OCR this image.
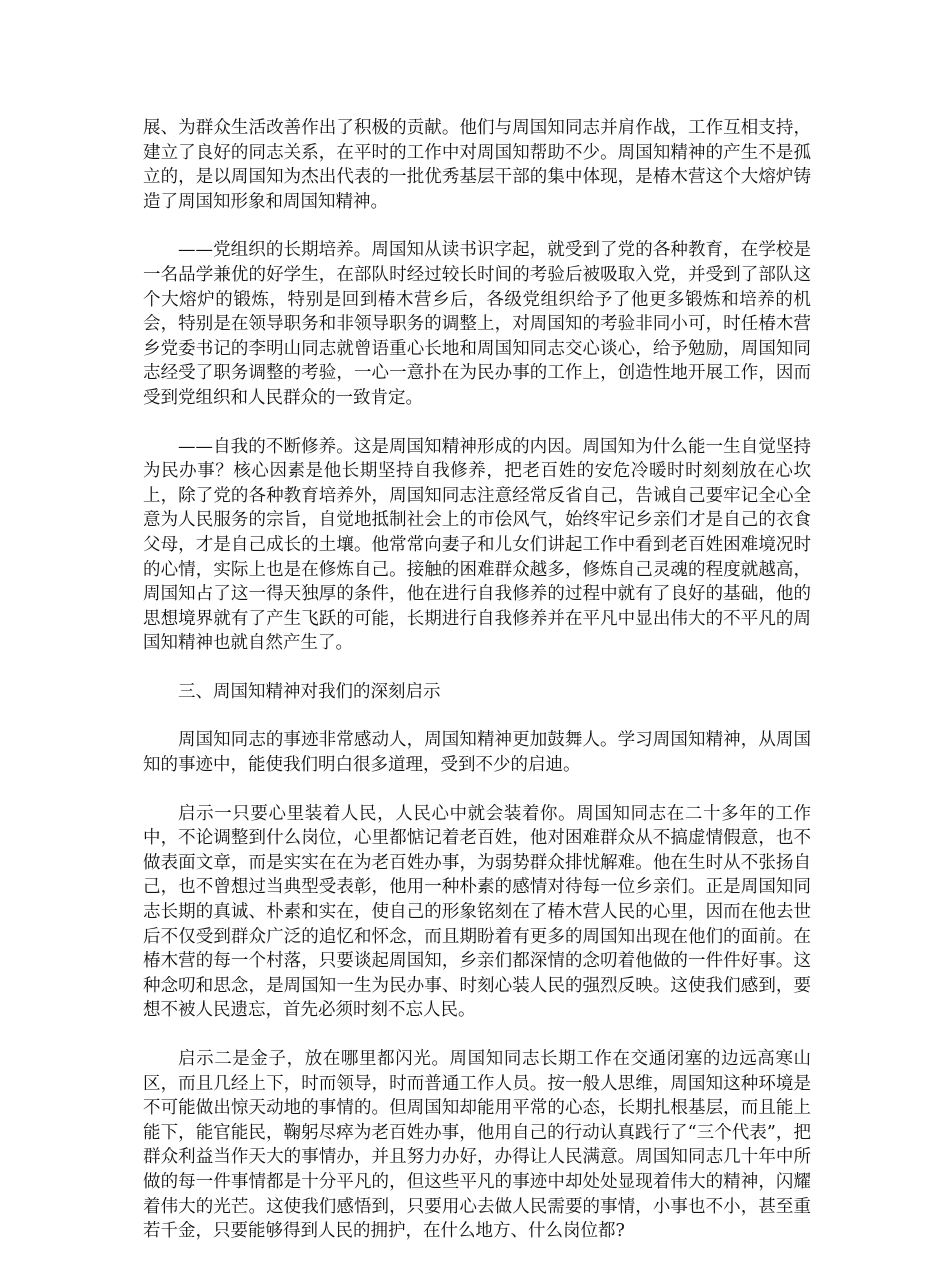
展、为群众生活改善作出了积极的贡献。他们与周国知同志并肩作战，工作互相支持，建立了良好的同志关系，在平时的工作中对周国知帮助不少。周国知精神的产生不是孤立的，是以周国知为杰出代表的一批优秀基层干部的集中体现，是椿木营这个大熔炉铸造了周国知形象和周国知精神。

——党组织的长期培养。周国知从读书识字起，就受到了党的各种教育，在学校是一名品学兼优的好学生，在部队时经过较长时间的考验后被吸取入党，并受到了部队这个大熔炉的锻炼，特别是回到椿木营乡后，各级党组织给予了他更多锻炼和培养的机会，特别是在领导职务和非领导职务的调整上，对周国知的考验非同小可，时任椿木营乡党委书记的李明山同志就曾语重心长地和周国知同志交心谈心，给予勉励，周国知同志经受了职务调整的考验，一心一意扑在为民办事的工作上，创造性地开展工作，因而受到党组织和人民群众的一致肯定。

——自我的不断修养。这是周国知精神形成的内因。周国知为什么能一生自觉坚持为民办事？核心因素是他长期坚持自我修养，把老百姓的安危冷暖时时刻刻放在心坎上，除了党的各种教育培养外，周国知同志注意经常反省自己，告诫自己要牢记全心全意为人民服务的宗旨，自觉地抵制社会上的市侩风气，始终牢记乡亲们才是自己的衣食父母，才是自己成长的土壤。他常常向妻子和儿女们讲起工作中看到老百姓困难境况时的心情，实际上也是在修炼自己。接触的困难群众越多，修炼自己灵魂的程度就越高，周国知占了这一得天独厚的条件，他在进行自我修养的过程中就有了良好的基础，他的思想境界就有了产生飞跃的可能，长期进行自我修养并在平凡中显出伟大的不平凡的周国知精神也就自然产生了。

三、周国知精神对我们的深刻启示

周国知同志的事迹非常感动人，周国知精神更加鼓舞人。学习周国知精神，从周国知的事迹中，能使我们明白很多道理，受到不少的启迪。

启示一只要心里装着人民，人民心中就会装着你。周国知同志在二十多年的工作中，不论调整到什么岗位，心里都惦记着老百姓，他对困难群众从不搞虚情假意，也不做表面文章，而是实实在在为老百姓办事，为弱势群众排忧解难。他在生时从不张扬自己，也不曾想过当典型受表彰，他用一种朴素的感情对待每一位乡亲们。正是周国知同志长期的真诚、朴素和实在，使自己的形象铭刻在了椿木营人民的心里，因而在他去世后不仅受到群众广泛的追忆和怀念，而且期盼着有更多的周国知出现在他们的面前。在椿木营的每一个村落，只要谈起周国知，乡亲们都深情的念叨着他做的一件件好事。这种念叨和思念，是周国知一生为民办事、时刻心装人民的强烈反映。这使我们感到，要想不被人民遗忘，首先必须时刻不忘人民。

启示二是金子，放在哪里都闪光。周国知同志长期工作在交通闭塞的边远高寒山区，而且几经上下，时而领导，时而普通工作人员。按一般人思维，周国知这种环境是不可能做出惊天动地的事情的。但周国知却能用平常的心态，长期扎根基层，而且能上能下，能官能民，鞠躬尽瘁为老百姓办事，他用自己的行动认真践行了“三个代表”，把群众利益当作天大的事情办，并且努力办好，办得让人民满意。周国知同志几十年中所做的每一件事情都是十分平凡的，但这些平凡的事迹中却处处显现着伟大的精神，闪耀着伟大的光芒。这使我们感悟到，只要用心去做人民需要的事情，小事也不小，甚至重若千金，只要能够得到人民的拥护，在什么地方、什么岗位都?
